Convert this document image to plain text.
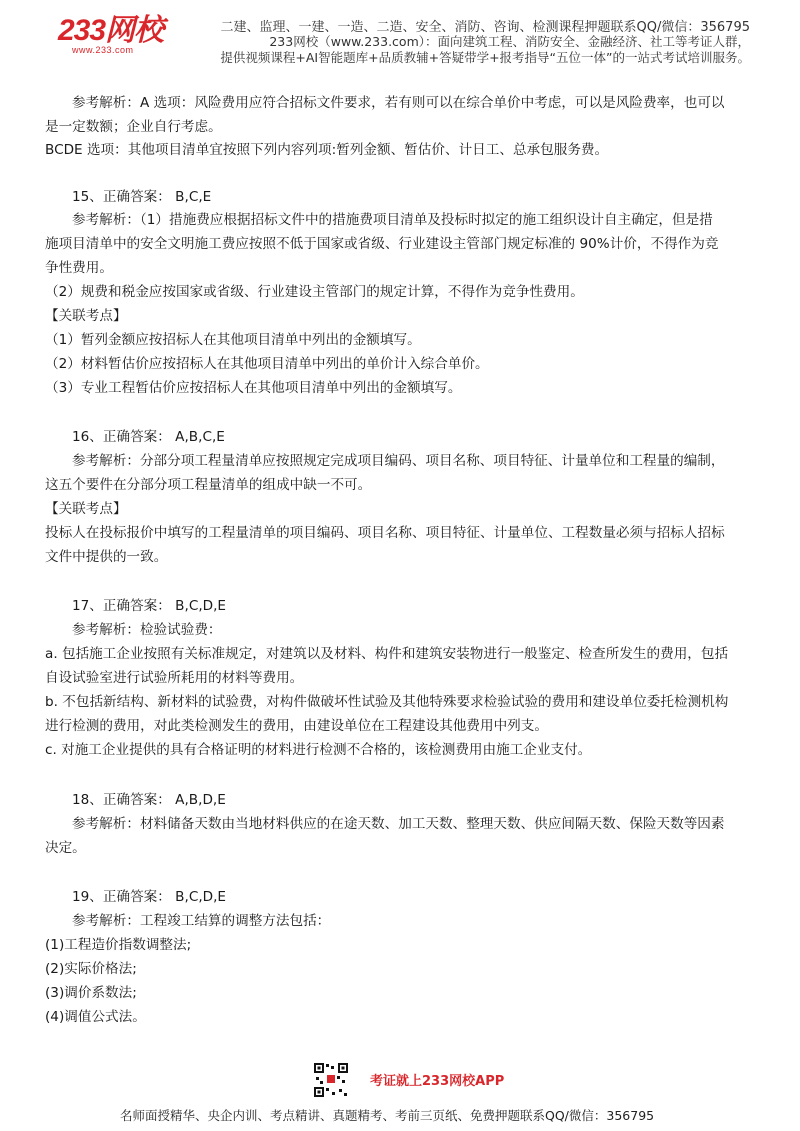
233网校
www.233.com
二建、监理、一建、一造、二造、安全、消防、咨询、检测课程押题联系QQ/微信：356795
233网校（www.233.com）：面向建筑工程、消防安全、金融经济、社工等考证人群，
提供视频课程+AI智能题库+品质教辅+答疑带学+报考指导“五位一体”的一站式考试培训服务。
参考解析：A 选项：风险费用应符合招标文件要求，若有则可以在综合单价中考虑，可以是风险费率，也可以
是一定数额；企业自行考虑。
BCDE 选项：其他项目清单宜按照下列内容列项:暂列金额、暂估价、计日工、总承包服务费。
15、正确答案： B,C,E
参考解析：（1）措施费应根据招标文件中的措施费项目清单及投标时拟定的施工组织设计自主确定，但是措
施项目清单中的安全文明施工费应按照不低于国家或省级、行业建设主管部门规定标准的 90%计价，不得作为竞
争性费用。
（2）规费和税金应按国家或省级、行业建设主管部门的规定计算，不得作为竞争性费用。
【关联考点】
（1）暂列金额应按招标人在其他项目清单中列出的金额填写。
（2）材料暂估价应按招标人在其他项目清单中列出的单价计入综合单价。
（3）专业工程暂估价应按招标人在其他项目清单中列出的金额填写。
16、正确答案： A,B,C,E
参考解析：分部分项工程量清单应按照规定完成项目编码、项目名称、项目特征、计量单位和工程量的编制，
这五个要件在分部分项工程量清单的组成中缺一不可。
【关联考点】
投标人在投标报价中填写的工程量清单的项目编码、项目名称、项目特征、计量单位、工程数量必须与招标人招标
文件中提供的一致。
17、正确答案： B,C,D,E
参考解析：检验试验费：
a. 包括施工企业按照有关标准规定，对建筑以及材料、构件和建筑安装物进行一般鉴定、检查所发生的费用，包括
自设试验室进行试验所耗用的材料等费用。
b. 不包括新结构、新材料的试验费，对构件做破坏性试验及其他特殊要求检验试验的费用和建设单位委托检测机构
进行检测的费用，对此类检测发生的费用，由建设单位在工程建设其他费用中列支。
c. 对施工企业提供的具有合格证明的材料进行检测不合格的，该检测费用由施工企业支付。
18、正确答案： A,B,D,E
参考解析：材料储备天数由当地材料供应的在途天数、加工天数、整理天数、供应间隔天数、保险天数等因素
决定。
19、正确答案： B,C,D,E
参考解析：工程竣工结算的调整方法包括：
(1)工程造价指数调整法;
(2)实际价格法;
(3)调价系数法;
(4)调值公式法。
考证就上233网校APP
名师面授精华、央企内训、考点精讲、真题精考、考前三页纸、免费押题联系QQ/微信：356795
